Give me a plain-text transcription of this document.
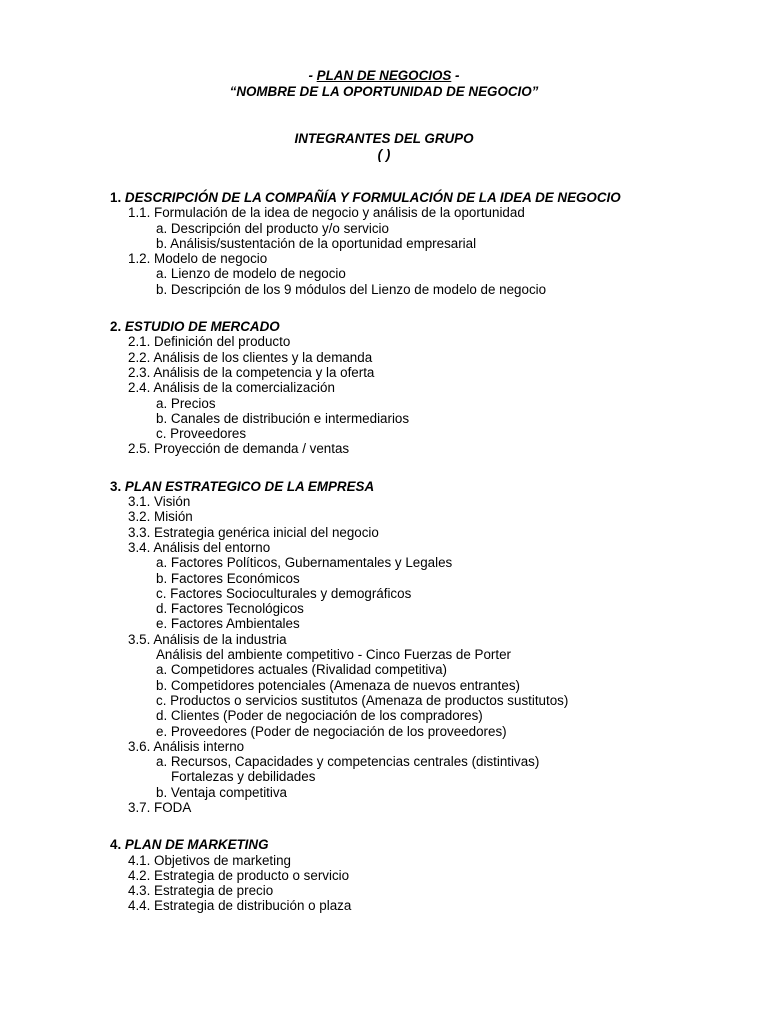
- PLAN DE NEGOCIOS -
“NOMBRE DE LA OPORTUNIDAD DE NEGOCIO”
INTEGRANTES DEL GRUPO
( )
1. DESCRIPCIÓN DE LA COMPAÑÍA Y FORMULACIÓN DE LA IDEA DE NEGOCIO
1.1. Formulación de la idea de negocio y análisis de la oportunidad
a. Descripción del producto y/o servicio
b. Análisis/sustentación de la oportunidad empresarial
1.2. Modelo de negocio
a. Lienzo de modelo de negocio
b. Descripción de los 9 módulos del Lienzo de modelo de negocio
2. ESTUDIO DE MERCADO
2.1. Definición del producto
2.2. Análisis de los clientes y la demanda
2.3. Análisis de la competencia y la oferta
2.4. Análisis de la comercialización
a. Precios
b. Canales de distribución e intermediarios
c. Proveedores
2.5. Proyección de demanda / ventas
3. PLAN ESTRATEGICO DE LA EMPRESA
3.1. Visión
3.2. Misión
3.3. Estrategia genérica inicial del negocio
3.4. Análisis del entorno
a. Factores Políticos, Gubernamentales y Legales
b. Factores Económicos
c. Factores Socioculturales y demográficos
d. Factores Tecnológicos
e. Factores Ambientales
3.5. Análisis de la industria
Análisis del ambiente competitivo - Cinco Fuerzas de Porter
a. Competidores actuales (Rivalidad competitiva)
b. Competidores potenciales (Amenaza de nuevos entrantes)
c. Productos o servicios sustitutos (Amenaza de productos sustitutos)
d. Clientes (Poder de negociación de los compradores)
e. Proveedores (Poder de negociación de los proveedores)
3.6. Análisis interno
a. Recursos, Capacidades y competencias centrales (distintivas)
Fortalezas y debilidades
b. Ventaja competitiva
3.7. FODA
4. PLAN DE MARKETING
4.1. Objetivos de marketing
4.2. Estrategia de producto o servicio
4.3. Estrategia de precio
4.4. Estrategia de distribución o plaza
